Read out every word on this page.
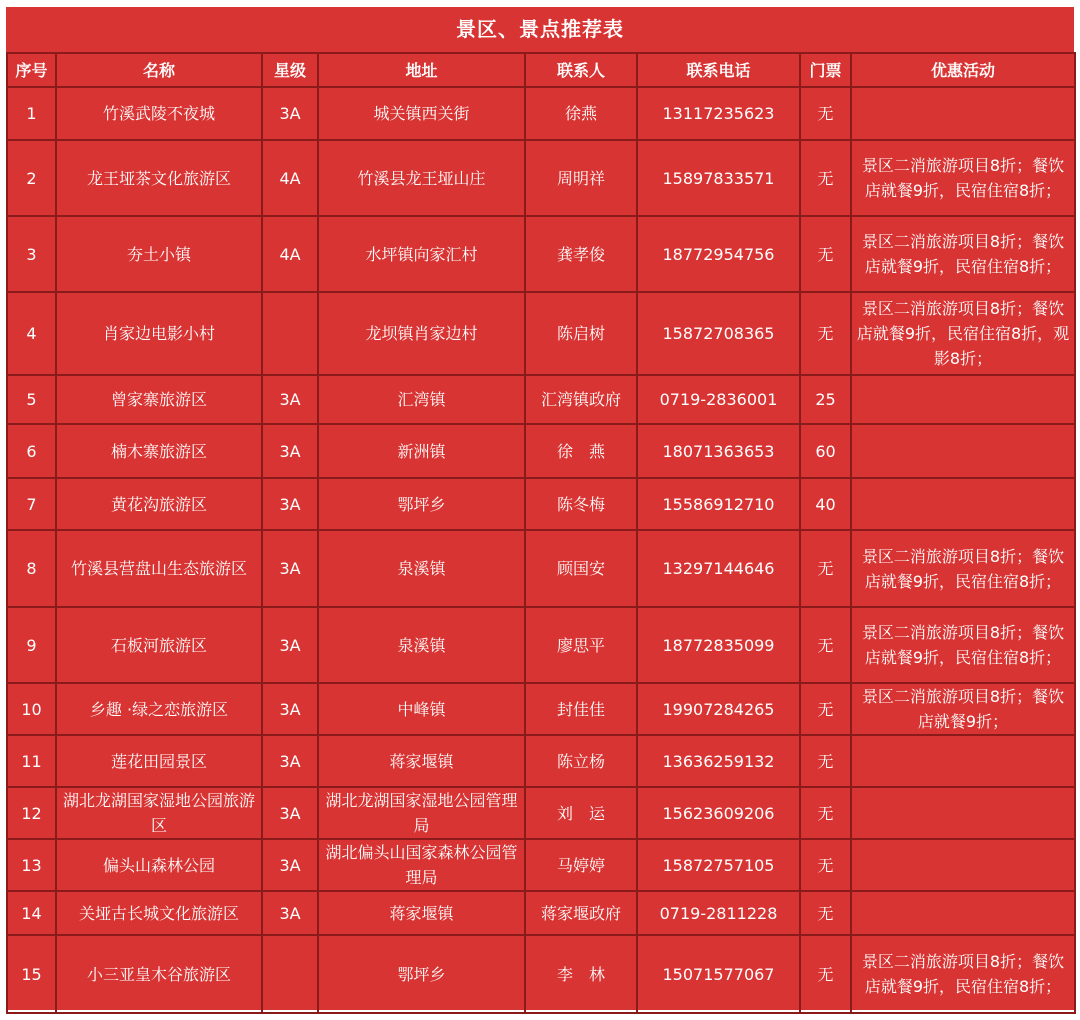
景区、景点推荐表
序号	名称	星级	地址	联系人	联系电话	门票	优惠活动
1	竹溪武陵不夜城	3A	城关镇西关街	徐燕	13117235623	无	
2	龙王垭茶文化旅游区	4A	竹溪县龙王垭山庄	周明祥	15897833571	无	景区二消旅游项目8折；餐饮店就餐9折，民宿住宿8折；
3	夯土小镇	4A	水坪镇向家汇村	龚孝俊	18772954756	无	景区二消旅游项目8折；餐饮店就餐9折，民宿住宿8折；
4	肖家边电影小村		龙坝镇肖家边村	陈启树	15872708365	无	景区二消旅游项目8折；餐饮店就餐9折，民宿住宿8折，观影8折；
5	曾家寨旅游区	3A	汇湾镇	汇湾镇政府	0719-2836001	25	
6	楠木寨旅游区	3A	新洲镇	徐　燕	18071363653	60	
7	黄花沟旅游区	3A	鄂坪乡	陈冬梅	15586912710	40	
8	竹溪县营盘山生态旅游区	3A	泉溪镇	顾国安	13297144646	无	景区二消旅游项目8折；餐饮店就餐9折，民宿住宿8折；
9	石板河旅游区	3A	泉溪镇	廖思平	18772835099	无	景区二消旅游项目8折；餐饮店就餐9折，民宿住宿8折；
10	乡趣 ·绿之恋旅游区	3A	中峰镇	封佳佳	19907284265	无	景区二消旅游项目8折；餐饮店就餐9折；
11	莲花田园景区	3A	蒋家堰镇	陈立杨	13636259132	无	
12	湖北龙湖国家湿地公园旅游区	3A	湖北龙湖国家湿地公园管理局	刘　运	15623609206	无	
13	偏头山森林公园	3A	湖北偏头山国家森林公园管理局	马婷婷	15872757105	无	
14	关垭古长城文化旅游区	3A	蒋家堰镇	蒋家堰政府	0719-2811228	无	
15	小三亚皇木谷旅游区		鄂坪乡	李　林	15071577067	无	景区二消旅游项目8折；餐饮店就餐9折，民宿住宿8折；
